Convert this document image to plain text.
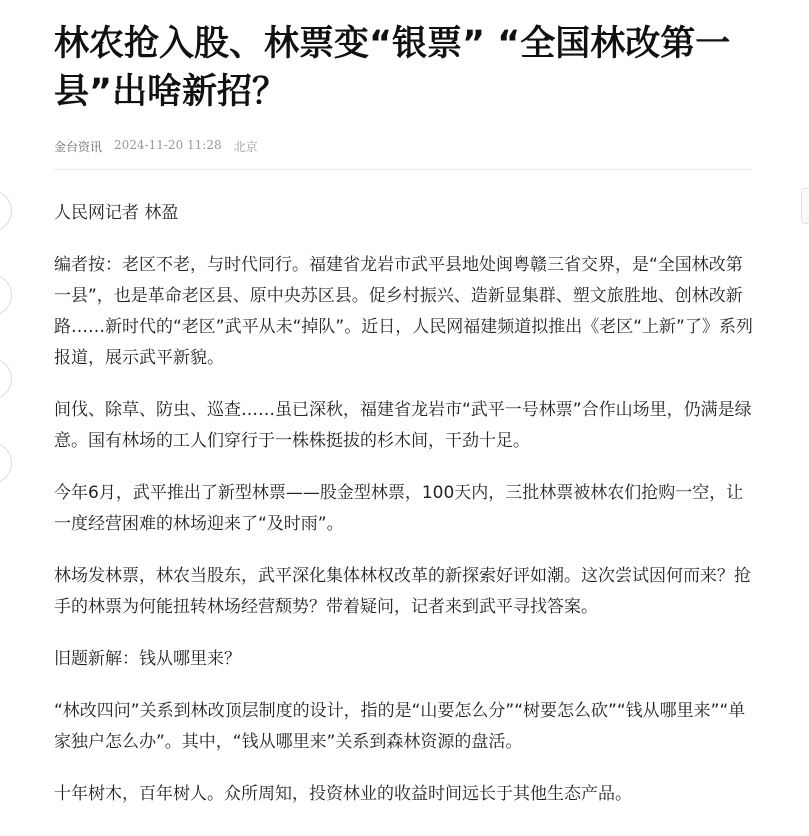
林农抢入股、林票变“银票” “全国林改第一县”出啥新招？
金台资讯 2024-11-20 11:28 北京

人民网记者 林盈

编者按：老区不老，与时代同行。福建省龙岩市武平县地处闽粤赣三省交界，是“全国林改第一县”，也是革命老区县、原中央苏区县。促乡村振兴、造新显集群、塑文旅胜地、创林改新路……新时代的“老区”武平从未“掉队”。近日，人民网福建频道拟推出《老区“上新”了》系列报道，展示武平新貌。

间伐、除草、防虫、巡查……虽已深秋，福建省龙岩市“武平一号林票”合作山场里，仍满是绿意。国有林场的工人们穿行于一株株挺拔的杉木间，干劲十足。

今年6月，武平推出了新型林票——股金型林票，100天内，三批林票被林农们抢购一空，让一度经营困难的林场迎来了“及时雨”。

林场发林票，林农当股东，武平深化集体林权改革的新探索好评如潮。这次尝试因何而来？抢手的林票为何能扭转林场经营颓势？带着疑问，记者来到武平寻找答案。

旧题新解：钱从哪里来？

“林改四问”关系到林改顶层制度的设计，指的是“山要怎么分”“树要怎么砍”“钱从哪里来”“单家独户怎么办”。其中，“钱从哪里来”关系到森林资源的盘活。

十年树木，百年树人。众所周知，投资林业的收益时间远长于其他生态产品。
